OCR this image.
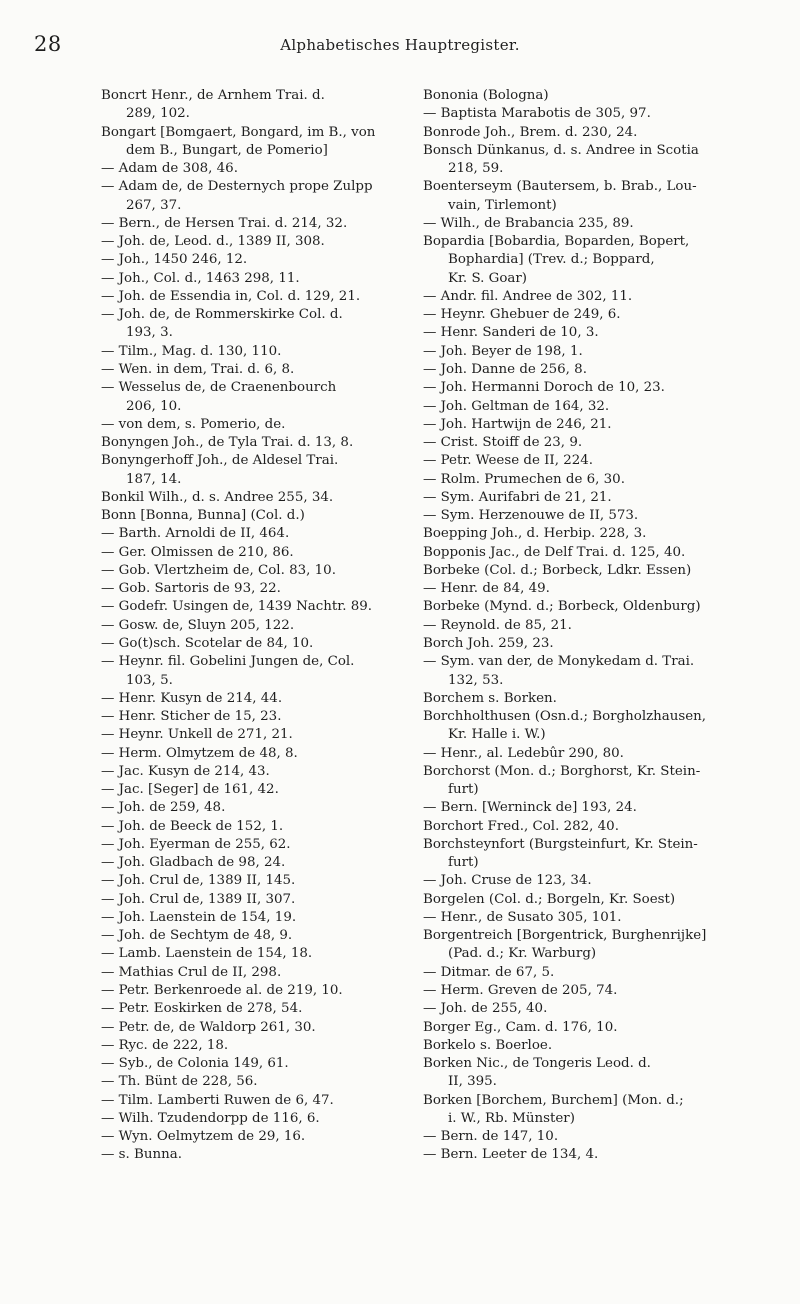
28	Alphabetisches Hauptregister.
Boncrt Henr., de Arnhem Trai. d.
289, 102.
Bongart [Bomgaert, Bongard, im B., von
dem B., Bungart, de Pomerio]
— Adam de 308, 46.
— Adam de, de Desternych prope Zulpp
267, 37.
— Bern., de Hersen Trai. d. 214, 32.
— Joh. de, Leod. d., 1389 II, 308.
— Joh., 1450 246, 12.
— Joh., Col. d., 1463 298, 11.
— Joh. de Essendia in, Col. d. 129, 21.
— Joh. de, de Rommerskirke Col. d.
193, 3.
— Tilm., Mag. d. 130, 110.
— Wen. in dem, Trai. d. 6, 8.
— Wesselus de, de Craenenbourch
206, 10.
— von dem, s. Pomerio, de.
Bonyngen Joh., de Tyla Trai. d. 13, 8.
Bonyngerhoff Joh., de Aldesel Trai.
187, 14.
Bonkil Wilh., d. s. Andree 255, 34.
Bonn [Bonna, Bunna] (Col. d.)
— Barth. Arnoldi de II, 464.
— Ger. Olmissen de 210, 86.
— Gob. Vlertzheim de, Col. 83, 10.
— Gob. Sartoris de 93, 22.
— Godefr. Usingen de, 1439 Nachtr. 89.
— Gosw. de, Sluyn 205, 122.
— Go(t)sch. Scotelar de 84, 10.
— Heynr. fil. Gobelini Jungen de, Col.
103, 5.
— Henr. Kusyn de 214, 44.
— Henr. Sticher de 15, 23.
— Heynr. Unkell de 271, 21.
— Herm. Olmytzem de 48, 8.
— Jac. Kusyn de 214, 43.
— Jac. [Seger] de 161, 42.
— Joh. de 259, 48.
— Joh. de Beeck de 152, 1.
— Joh. Eyerman de 255, 62.
— Joh. Gladbach de 98, 24.
— Joh. Crul de, 1389 II, 145.
— Joh. Crul de, 1389 II, 307.
— Joh. Laenstein de 154, 19.
— Joh. de Sechtym de 48, 9.
— Lamb. Laenstein de 154, 18.
— Mathias Crul de II, 298.
— Petr. Berkenroede al. de 219, 10.
— Petr. Eoskirken de 278, 54.
— Petr. de, de Waldorp 261, 30.
— Ryc. de 222, 18.
— Syb., de Colonia 149, 61.
— Th. Bünt de 228, 56.
— Tilm. Lamberti Ruwen de 6, 47.
— Wilh. Tzudendorpp de 116, 6.
— Wyn. Oelmytzem de 29, 16.
— s. Bunna.
Bononia (Bologna)
— Baptista Marabotis de 305, 97.
Bonrode Joh., Brem. d. 230, 24.
Bonsch Dünkanus, d. s. Andree in Scotia
218, 59.
Boenterseym (Bautersem, b. Brab., Lou-
vain, Tirlemont)
— Wilh., de Brabancia 235, 89.
Bopardia [Bobardia, Boparden, Bopert,
Bophardia] (Trev. d.; Boppard,
Kr. S. Goar)
— Andr. fil. Andree de 302, 11.
— Heynr. Ghebuer de 249, 6.
— Henr. Sanderi de 10, 3.
— Joh. Beyer de 198, 1.
— Joh. Danne de 256, 8.
— Joh. Hermanni Doroch de 10, 23.
— Joh. Geltman de 164, 32.
— Joh. Hartwijn de 246, 21.
— Crist. Stoiff de 23, 9.
— Petr. Weese de II, 224.
— Rolm. Prumechen de 6, 30.
— Sym. Aurifabri de 21, 21.
— Sym. Herzenouwe de II, 573.
Boepping Joh., d. Herbip. 228, 3.
Bopponis Jac., de Delf Trai. d. 125, 40.
Borbeke (Col. d.; Borbeck, Ldkr. Essen)
— Henr. de 84, 49.
Borbeke (Mynd. d.; Borbeck, Oldenburg)
— Reynold. de 85, 21.
Borch Joh. 259, 23.
— Sym. van der, de Monykedam d. Trai.
132, 53.
Borchem s. Borken.
Borchholthusen (Osn.d.; Borgholzhausen,
Kr. Halle i. W.)
— Henr., al. Ledebûr 290, 80.
Borchorst (Mon. d.; Borghorst, Kr. Stein-
furt)
— Bern. [Werninck de] 193, 24.
Borchort Fred., Col. 282, 40.
Borchsteynfort (Burgsteinfurt, Kr. Stein-
furt)
— Joh. Cruse de 123, 34.
Borgelen (Col. d.; Borgeln, Kr. Soest)
— Henr., de Susato 305, 101.
Borgentreich [Borgentrick, Burghenrijke]
(Pad. d.; Kr. Warburg)
— Ditmar. de 67, 5.
— Herm. Greven de 205, 74.
— Joh. de 255, 40.
Borger Eg., Cam. d. 176, 10.
Borkelo s. Boerloe.
Borken Nic., de Tongeris Leod. d.
II, 395.
Borken [Borchem, Burchem] (Mon. d.;
i. W., Rb. Münster)
— Bern. de 147, 10.
— Bern. Leeter de 134, 4.
